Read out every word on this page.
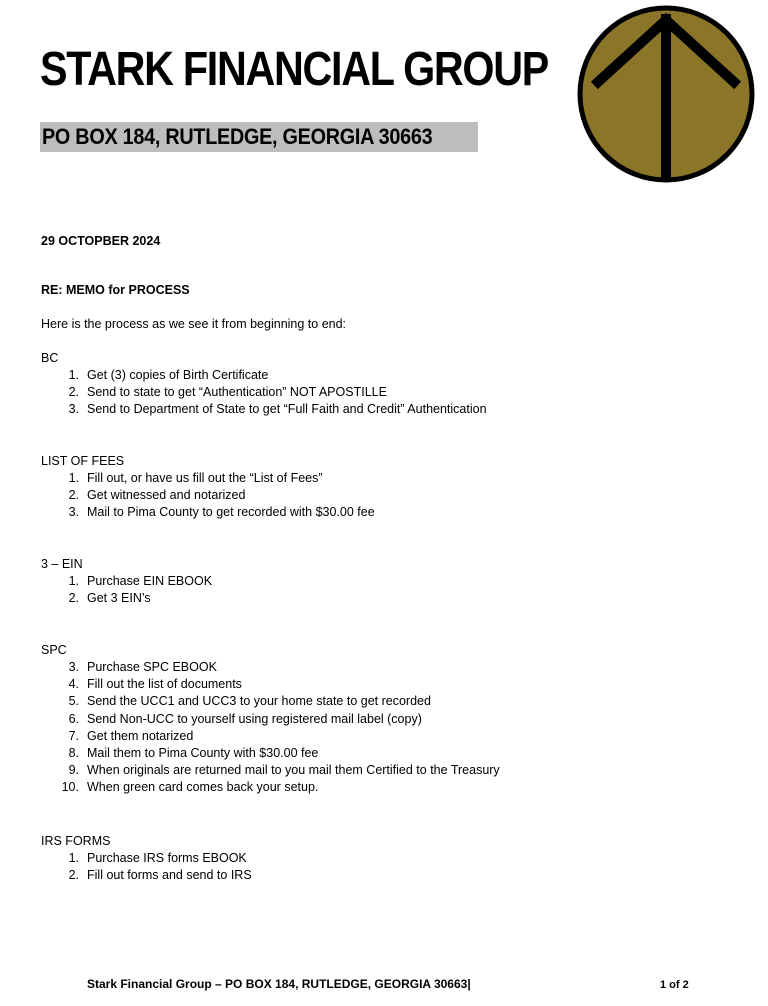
STARK FINANCIAL GROUP
PO BOX 184, RUTLEDGE, GEORGIA 30663
29 OCTOPBER 2024
RE: MEMO for PROCESS
Here is the process as we see it from beginning to end:
BC
1. Get (3) copies of Birth Certificate
2. Send to state to get “Authentication” NOT APOSTILLE
3. Send to Department of State to get “Full Faith and Credit” Authentication
LIST OF FEES
1. Fill out, or have us fill out the “List of Fees”
2. Get witnessed and notarized
3. Mail to Pima County to get recorded with $30.00 fee
3 – EIN
1. Purchase EIN EBOOK
2. Get 3 EIN’s
SPC
3. Purchase SPC EBOOK
4. Fill out the list of documents
5. Send the UCC1 and UCC3 to your home state to get recorded
6. Send Non-UCC to yourself using registered mail label (copy)
7. Get them notarized
8. Mail them to Pima County with $30.00 fee
9. When originals are returned mail to you mail them Certified to the Treasury
10. When green card comes back your setup.
IRS FORMS
1. Purchase IRS forms EBOOK
2. Fill out forms and send to IRS
Stark Financial Group – PO BOX 184, RUTLEDGE, GEORGIA 30663|	1 of 2
